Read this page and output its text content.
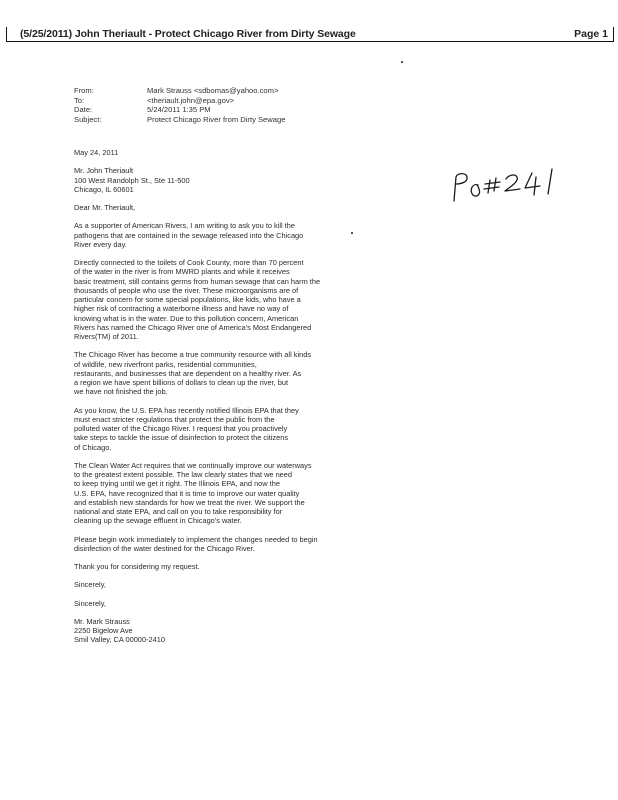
(5/25/2011) John Theriault - Protect Chicago River from Dirty Sewage	Page 1
From:	Mark Strauss <sdbomas@yahoo.com>
To:	<theriault.john@epa.gov>
Date:	5/24/2011 1:35 PM
Subject:	Protect Chicago River from Dirty Sewage
May 24, 2011
Mr. John Theriault
100 West Randolph St., Ste 11-500
Chicago, IL 60601
Dear Mr. Theriault,
As a supporter of American Rivers, I am writing to ask you to kill the
pathogens that are contained in the sewage released into the Chicago
River every day.
Directly connected to the toilets of Cook County, more than 70 percent
of the water in the river is from MWRD plants and while it receives
basic treatment, still contains germs from human sewage that can harm the
thousands of people who use the river. These microorganisms are of
particular concern for some special populations, like kids, who have a
higher risk of contracting a waterborne illness and have no way of
knowing what is in the water. Due to this pollution concern, American
Rivers has named the Chicago River one of America's Most Endangered
Rivers(TM) of 2011.
The Chicago River has become a true community resource with all kinds
of wildlife, new riverfront parks, residential communities,
restaurants, and businesses that are dependent on a healthy river. As
a region we have spent billions of dollars to clean up the river, but
we have not finished the job.
As you know, the U.S. EPA has recently notified Illinois EPA that they
must enact stricter regulations that protect the public from the
polluted water of the Chicago River. I request that you proactively
take steps to tackle the issue of disinfection to protect the citizens
of Chicago.
The Clean Water Act requires that we continually improve our waterways
to the greatest extent possible. The law clearly states that we need
to keep trying until we get it right. The Illinois EPA, and now the
U.S. EPA, have recognized that it is time to improve our water quality
and establish new standards for how we treat the river. We support the
national and state EPA, and call on you to take responsibility for
cleaning up the sewage effluent in Chicago's water.
Please begin work immediately to implement the changes needed to begin
disinfection of the water destined for the Chicago River.
Thank you for considering my request.
Sincerely,
Sincerely,
Mr. Mark Strauss
2250 Bigelow Ave
Smil Valley, CA 00000-2410
